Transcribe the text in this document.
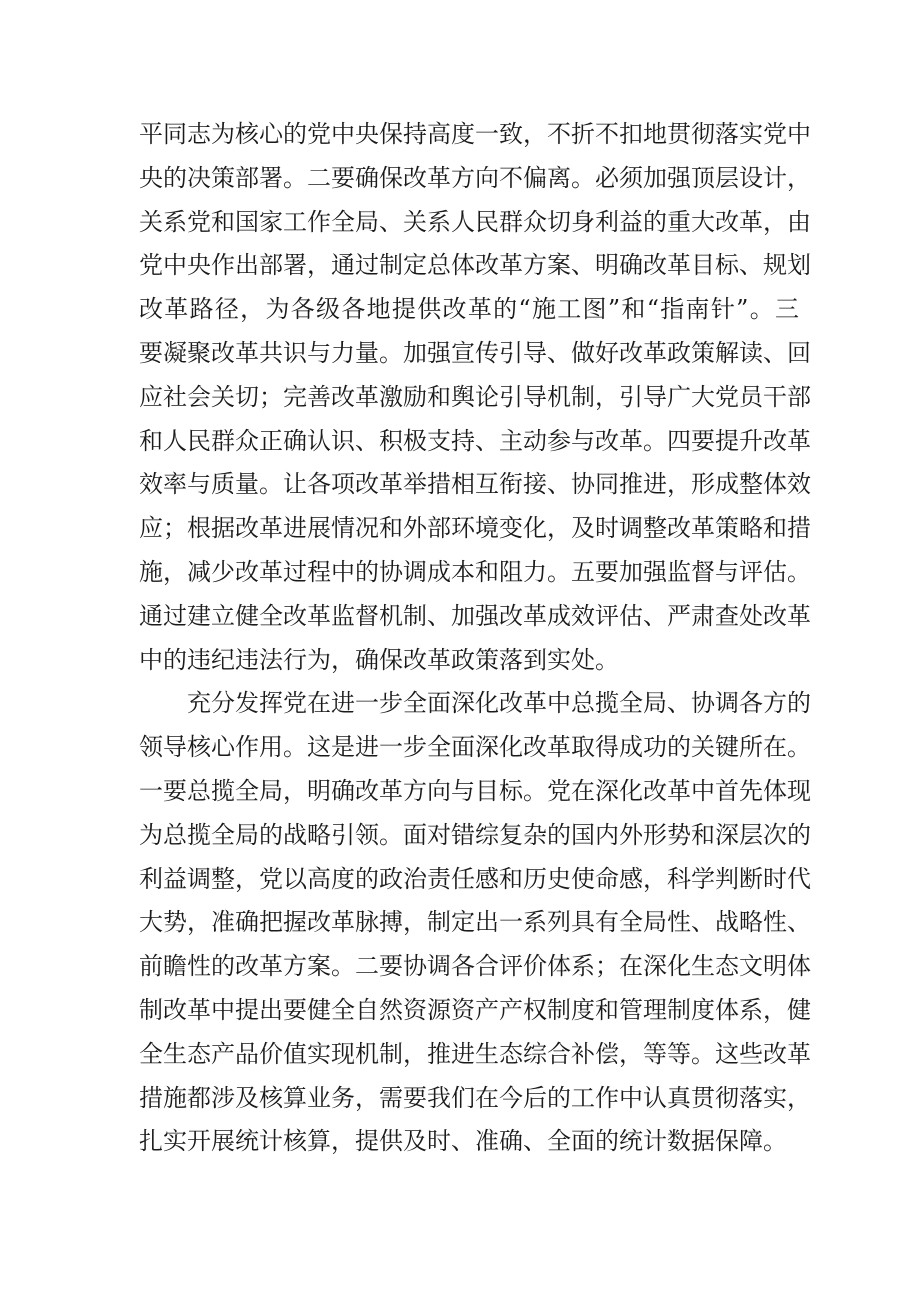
平同志为核心的党中央保持高度一致，不折不扣地贯彻落实党中
央的决策部署。二要确保改革方向不偏离。必须加强顶层设计，
关系党和国家工作全局、关系人民群众切身利益的重大改革，由
党中央作出部署，通过制定总体改革方案、明确改革目标、规划
改革路径，为各级各地提供改革的“施工图”和“指南针”。三
要凝聚改革共识与力量。加强宣传引导、做好改革政策解读、回
应社会关切；完善改革激励和舆论引导机制，引导广大党员干部
和人民群众正确认识、积极支持、主动参与改革。四要提升改革
效率与质量。让各项改革举措相互衔接、协同推进，形成整体效
应；根据改革进展情况和外部环境变化，及时调整改革策略和措
施，减少改革过程中的协调成本和阻力。五要加强监督与评估。
通过建立健全改革监督机制、加强改革成效评估、严肃查处改革
中的违纪违法行为，确保改革政策落到实处。
充分发挥党在进一步全面深化改革中总揽全局、协调各方的
领导核心作用。这是进一步全面深化改革取得成功的关键所在。
一要总揽全局，明确改革方向与目标。党在深化改革中首先体现
为总揽全局的战略引领。面对错综复杂的国内外形势和深层次的
利益调整，党以高度的政治责任感和历史使命感，科学判断时代
大势，准确把握改革脉搏，制定出一系列具有全局性、战略性、
前瞻性的改革方案。二要协调各合评价体系；在深化生态文明体
制改革中提出要健全自然资源资产产权制度和管理制度体系，健
全生态产品价值实现机制，推进生态综合补偿，等等。这些改革
措施都涉及核算业务，需要我们在今后的工作中认真贯彻落实，
扎实开展统计核算，提供及时、准确、全面的统计数据保障。
